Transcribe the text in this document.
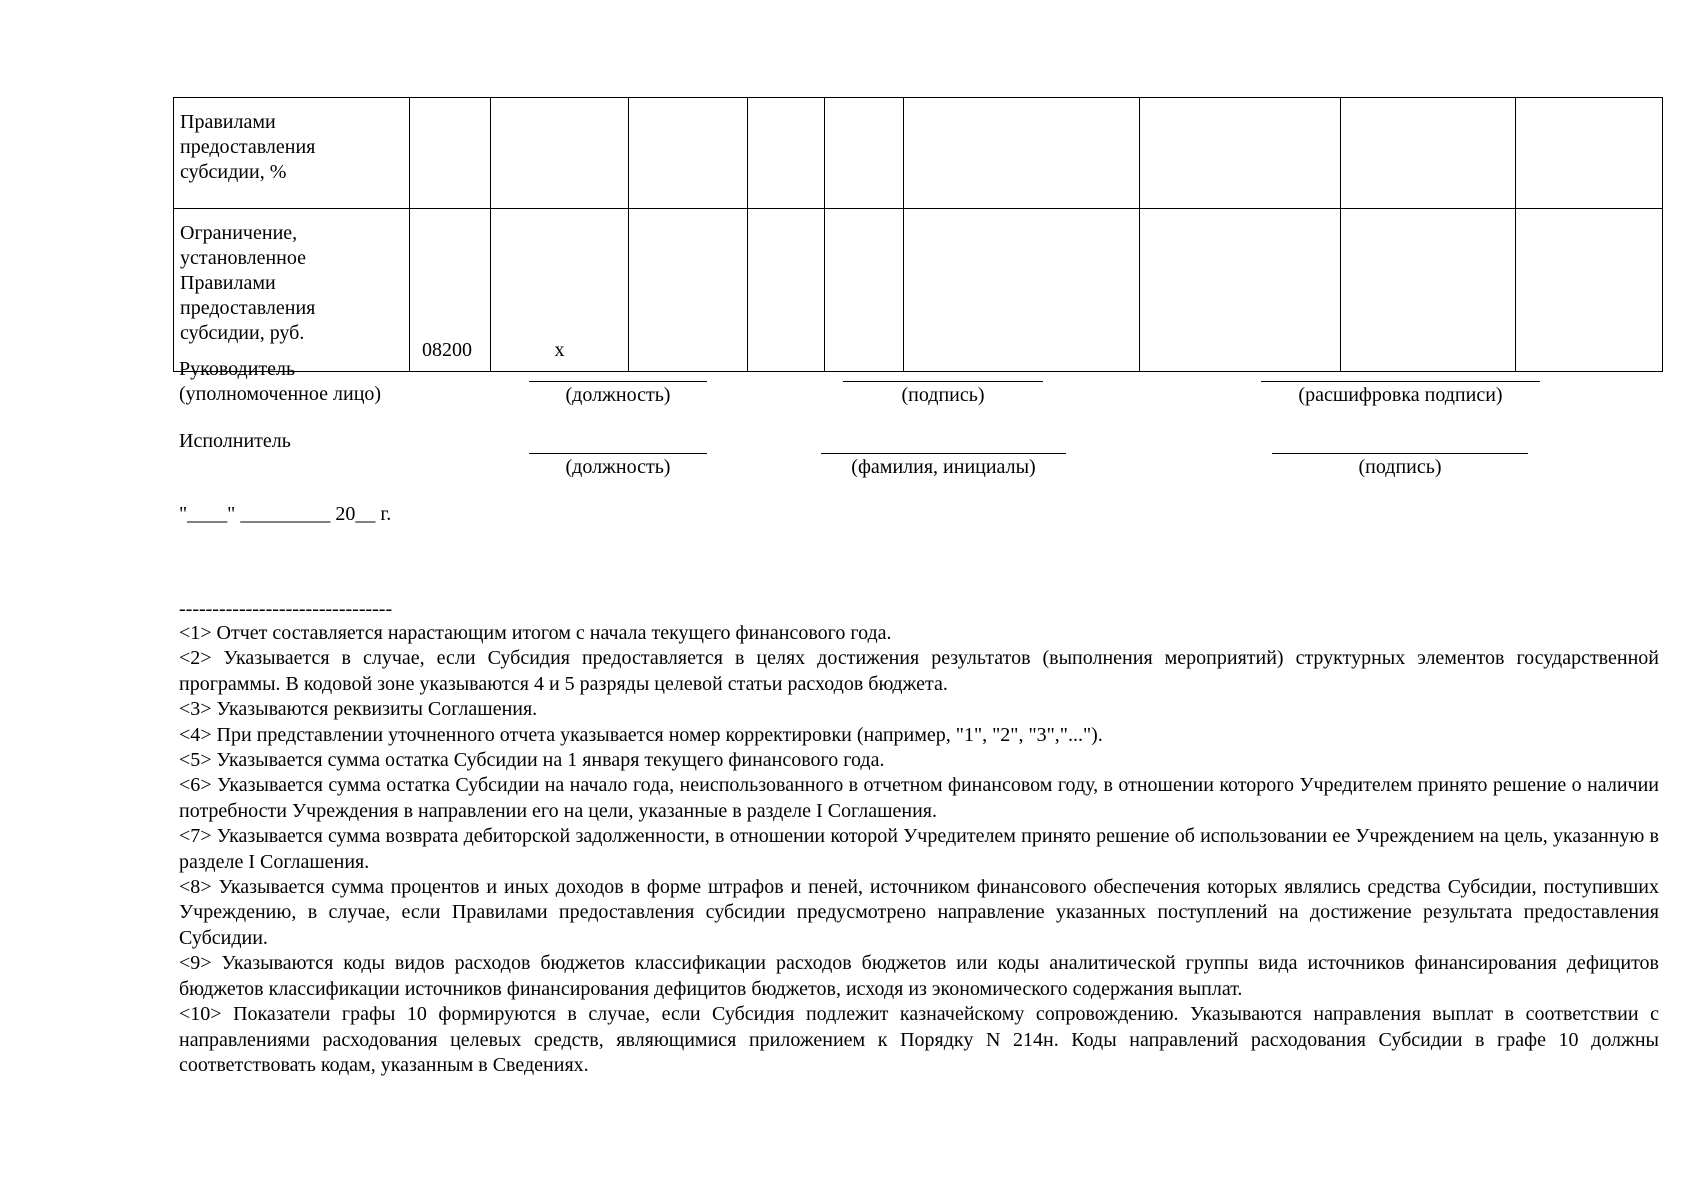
Правилами предоставления субсидии, %									
Ограничение, установленное Правилами предоставления субсидии, руб.	08200	x							
Руководитель
(уполномоченное лицо)	(должность)	(подпись)	(расшифровка подписи)
Исполнитель
(должность)	(фамилия, инициалы)	(подпись)
"____" _________ 20__ г.
--------------------------------

<1> Отчет составляется нарастающим итогом с начала текущего финансового года.

<2> Указывается в случае, если Субсидия предоставляется в целях достижения результатов (выполнения мероприятий) структурных элементов государственной программы. В кодовой зоне указываются 4 и 5 разряды целевой статьи расходов бюджета.

<3> Указываются реквизиты Соглашения.

<4> При представлении уточненного отчета указывается номер корректировки (например, "1", "2", "3","...").

<5> Указывается сумма остатка Субсидии на 1 января текущего финансового года.

<6> Указывается сумма остатка Субсидии на начало года, неиспользованного в отчетном финансовом году, в отношении которого Учредителем принято решение о наличии потребности Учреждения в направлении его на цели, указанные в разделе I Соглашения.

<7> Указывается сумма возврата дебиторской задолженности, в отношении которой Учредителем принято решение об использовании ее Учреждением на цель, указанную в разделе I Соглашения.

<8> Указывается сумма процентов и иных доходов в форме штрафов и пеней, источником финансового обеспечения которых являлись средства Субсидии, поступивших Учреждению, в случае, если Правилами предоставления субсидии предусмотрено направление указанных поступлений на достижение результата предоставления Субсидии.

<9> Указываются коды видов расходов бюджетов классификации расходов бюджетов или коды аналитической группы вида источников финансирования дефицитов бюджетов классификации источников финансирования дефицитов бюджетов, исходя из экономического содержания выплат.

<10> Показатели графы 10 формируются в случае, если Субсидия подлежит казначейскому сопровождению. Указываются направления выплат в соответствии с направлениями расходования целевых средств, являющимися приложением к Порядку N 214н. Коды направлений расходования Субсидии в графе 10 должны соответствовать кодам, указанным в Сведениях.
